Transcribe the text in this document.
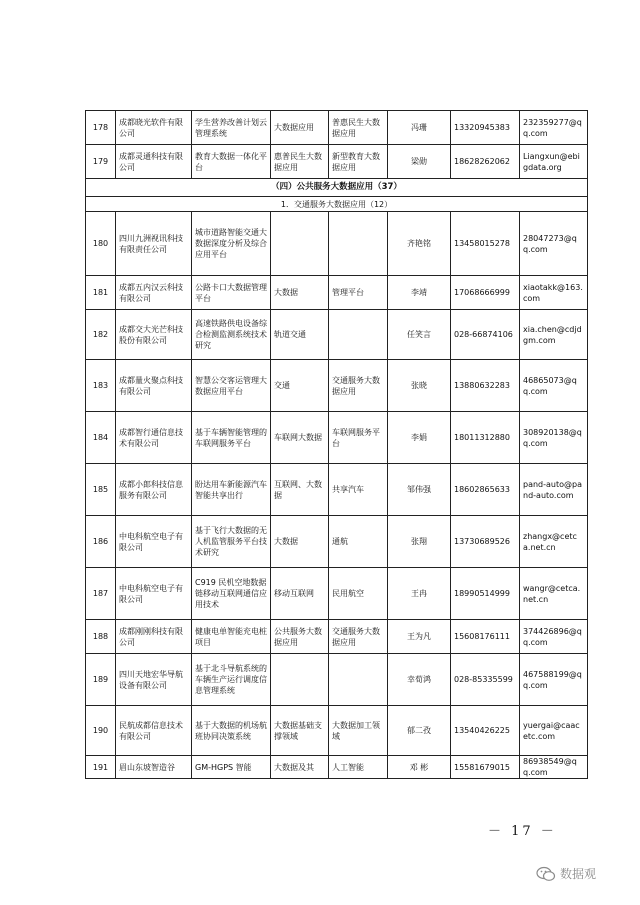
178	成都晓光软件有限公司	学生营养改善计划云管理系统	大数据应用	普惠民生大数据应用	冯珊	13320945383	232359277@qq.com
179	成都灵通科技有限公司	教育大数据一体化平台	惠普民生大数据应用	新型教育大数据应用	梁勋	18628262062	Liangxun@ebigdata.org
（四）公共服务大数据应用（37）							
1．交通服务大数据应用（12）							
180	四川九洲视讯科技有限责任公司	城市道路智能交通大数据深度分析及综合应用平台			齐艳铭	13458015278	28047273@qq.com
181	成都五内汉云科技有限公司	公路卡口大数据管理平台	大数据	管理平台	李靖	17068666999	xiaotakk@163.com
182	成都交大光芒科技股份有限公司	高速铁路供电设备综合检测监测系统技术研究	轨道交通		任笑言	028-66874106	xia.chen@cdjdgm.com
183	成都量火聚点科技有限公司	智慧公交客运管理大数据应用平台	交通	交通服务大数据应用	张晓	13880632283	46865073@qq.com
184	成都智行通信息技术有限公司	基于车辆智能管理的车联网服务平台	车联网大数据	车联网服务平台	李娟	18011312880	308920138@qq.com
185	成都小郎科技信息服务有限公司	盼达用车新能源汽车智能共享出行	互联网、大数据	共享汽车	邹伟强	18602865633	pand-auto@pand-auto.com
186	中电科航空电子有限公司	基于飞行大数据的无人机监管服务平台技术研究	大数据	通航	张翔	13730689526	zhangx@cetca.net.cn
187	中电科航空电子有限公司	C919 民机空地数据链移动互联网通信应用技术	移动互联网	民用航空	王冉	18990514999	wangr@cetca.net.cn
188	成都刚刚科技有限公司	健康电单智能充电桩项目	公共服务大数据应用	交通服务大数据应用	王为凡	15608176111	374426896@qq.com
189	四川天地宏华导航设备有限公司	基于北斗导航系统的车辆生产运行调度信息管理系统			幸荀鸿	028-85335599	467588199@qq.com
190	民航成都信息技术有限公司	基于大数据的机场航班协同决策系统	大数据基础支撑领域	大数据加工领域	郁二孜	13540426225	yuergai@caacetc.com
191	眉山东坡智造谷	GM-HGPS 智能	大数据及其	人工智能	邓 彬	15581679015	86938549@qq.com
－ 17 －
数据观
